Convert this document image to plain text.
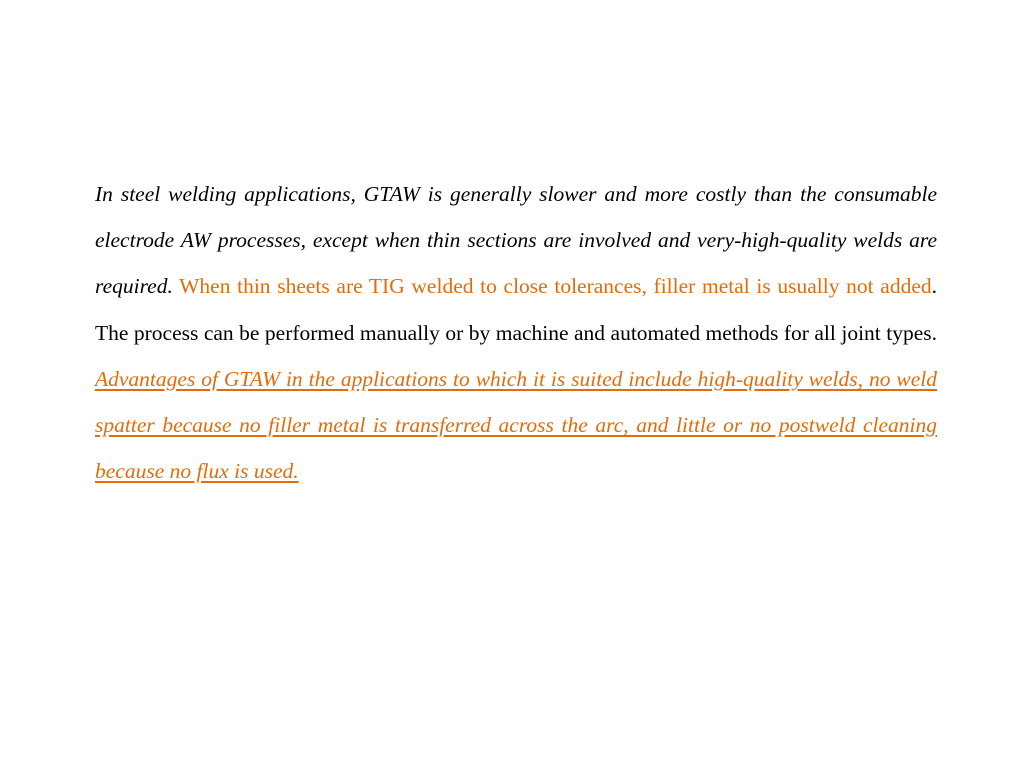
In steel welding applications, GTAW is generally slower and more costly than the consumable electrode AW processes, except when thin sections are involved and very-high-quality welds are required. When thin sheets are TIG welded to close tolerances, filler metal is usually not added. The process can be performed manually or by machine and automated methods for all joint types. Advantages of GTAW in the applications to which it is suited include high-quality welds, no weld spatter because no filler metal is transferred across the arc, and little or no postweld cleaning because no flux is used.
